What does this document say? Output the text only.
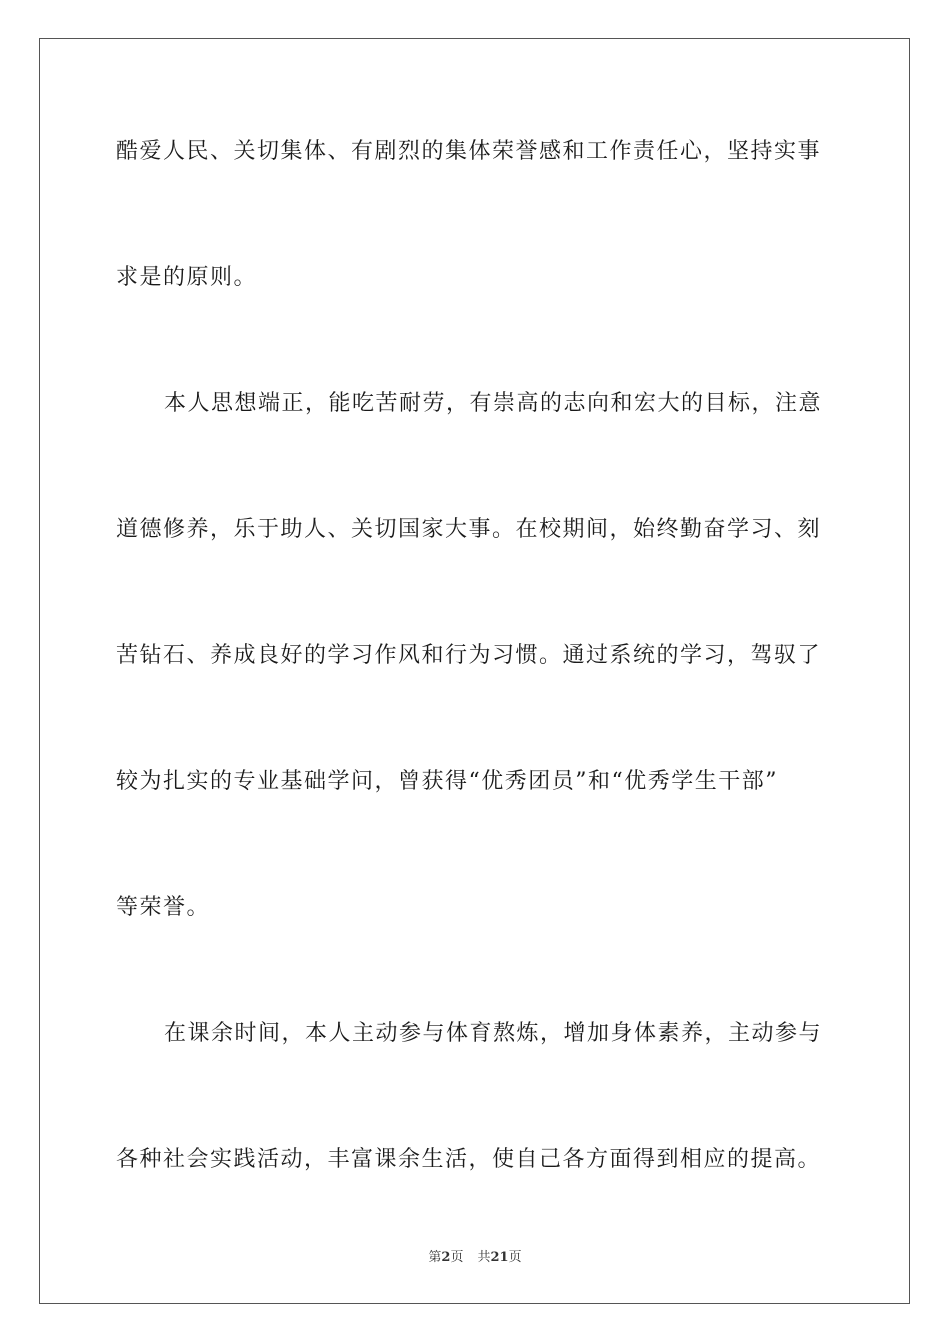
酷爱人民、关切集体、有剧烈的集体荣誉感和工作责任心，坚持实事
求是的原则。
本人思想端正，能吃苦耐劳，有崇高的志向和宏大的目标，注意
道德修养，乐于助人、关切国家大事。在校期间，始终勤奋学习、刻
苦钻石、养成良好的学习作风和行为习惯。通过系统的学习，驾驭了
较为扎实的专业基础学问，曾获得“优秀团员”和“优秀学生干部”
等荣誉。
在课余时间，本人主动参与体育熬炼，增加身体素养，主动参与
各种社会实践活动，丰富课余生活，使自己各方面得到相应的提高。
第2页 共21页
